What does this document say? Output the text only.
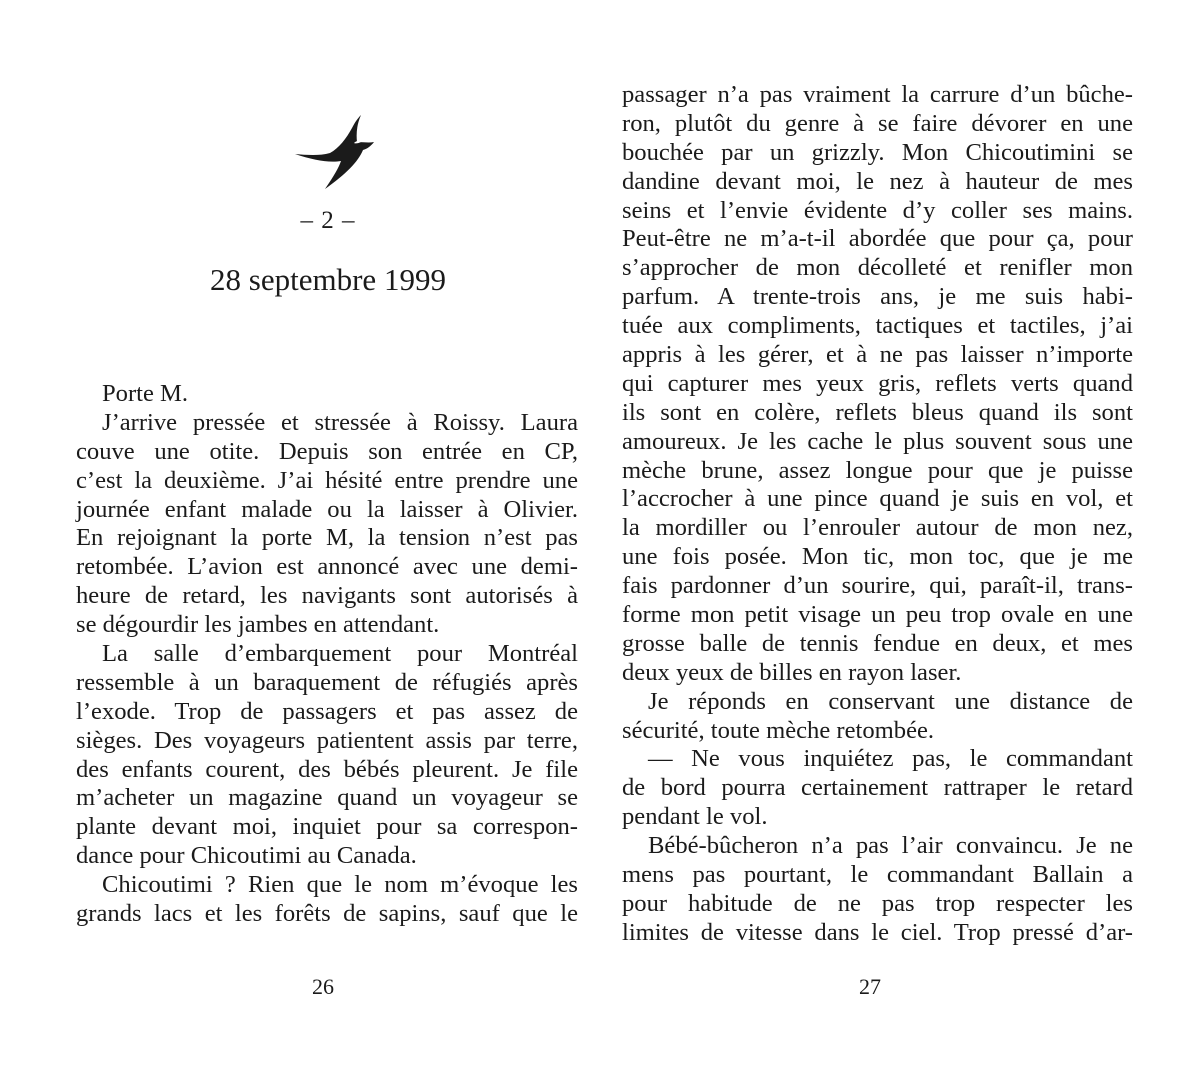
– 2 –
28 septembre 1999
Porte M.
J’arrive pressée et stressée à Roissy. Laura
couve une otite. Depuis son entrée en CP,
c’est la deuxième. J’ai hésité entre prendre une
journée enfant malade ou la laisser à Olivier.
En rejoignant la porte M, la tension n’est pas
retombée. L’avion est annoncé avec une demi-
heure de retard, les navigants sont autorisés à
se dégourdir les jambes en attendant.
La salle d’embarquement pour Montréal
ressemble à un baraquement de réfugiés après
l’exode. Trop de passagers et pas assez de
sièges. Des voyageurs patientent assis par terre,
des enfants courent, des bébés pleurent. Je file
m’acheter un magazine quand un voyageur se
plante devant moi, inquiet pour sa correspon-
dance pour Chicoutimi au Canada.
Chicoutimi ? Rien que le nom m’évoque les
grands lacs et les forêts de sapins, sauf que le
26
passager n’a pas vraiment la carrure d’un bûche-
ron, plutôt du genre à se faire dévorer en une
bouchée par un grizzly. Mon Chicoutimini se
dandine devant moi, le nez à hauteur de mes
seins et l’envie évidente d’y coller ses mains.
Peut-être ne m’a-t-il abordée que pour ça, pour
s’approcher de mon décolleté et renifler mon
parfum. A trente-trois ans, je me suis habi-
tuée aux compliments, tactiques et tactiles, j’ai
appris à les gérer, et à ne pas laisser n’importe
qui capturer mes yeux gris, reflets verts quand
ils sont en colère, reflets bleus quand ils sont
amoureux. Je les cache le plus souvent sous une
mèche brune, assez longue pour que je puisse
l’accrocher à une pince quand je suis en vol, et
la mordiller ou l’enrouler autour de mon nez,
une fois posée. Mon tic, mon toc, que je me
fais pardonner d’un sourire, qui, paraît-il, trans-
forme mon petit visage un peu trop ovale en une
grosse balle de tennis fendue en deux, et mes
deux yeux de billes en rayon laser.
Je réponds en conservant une distance de
sécurité, toute mèche retombée.
— Ne vous inquiétez pas, le commandant
de bord pourra certainement rattraper le retard
pendant le vol.
Bébé-bûcheron n’a pas l’air convaincu. Je ne
mens pas pourtant, le commandant Ballain a
pour habitude de ne pas trop respecter les
limites de vitesse dans le ciel. Trop pressé d’ar-
27
